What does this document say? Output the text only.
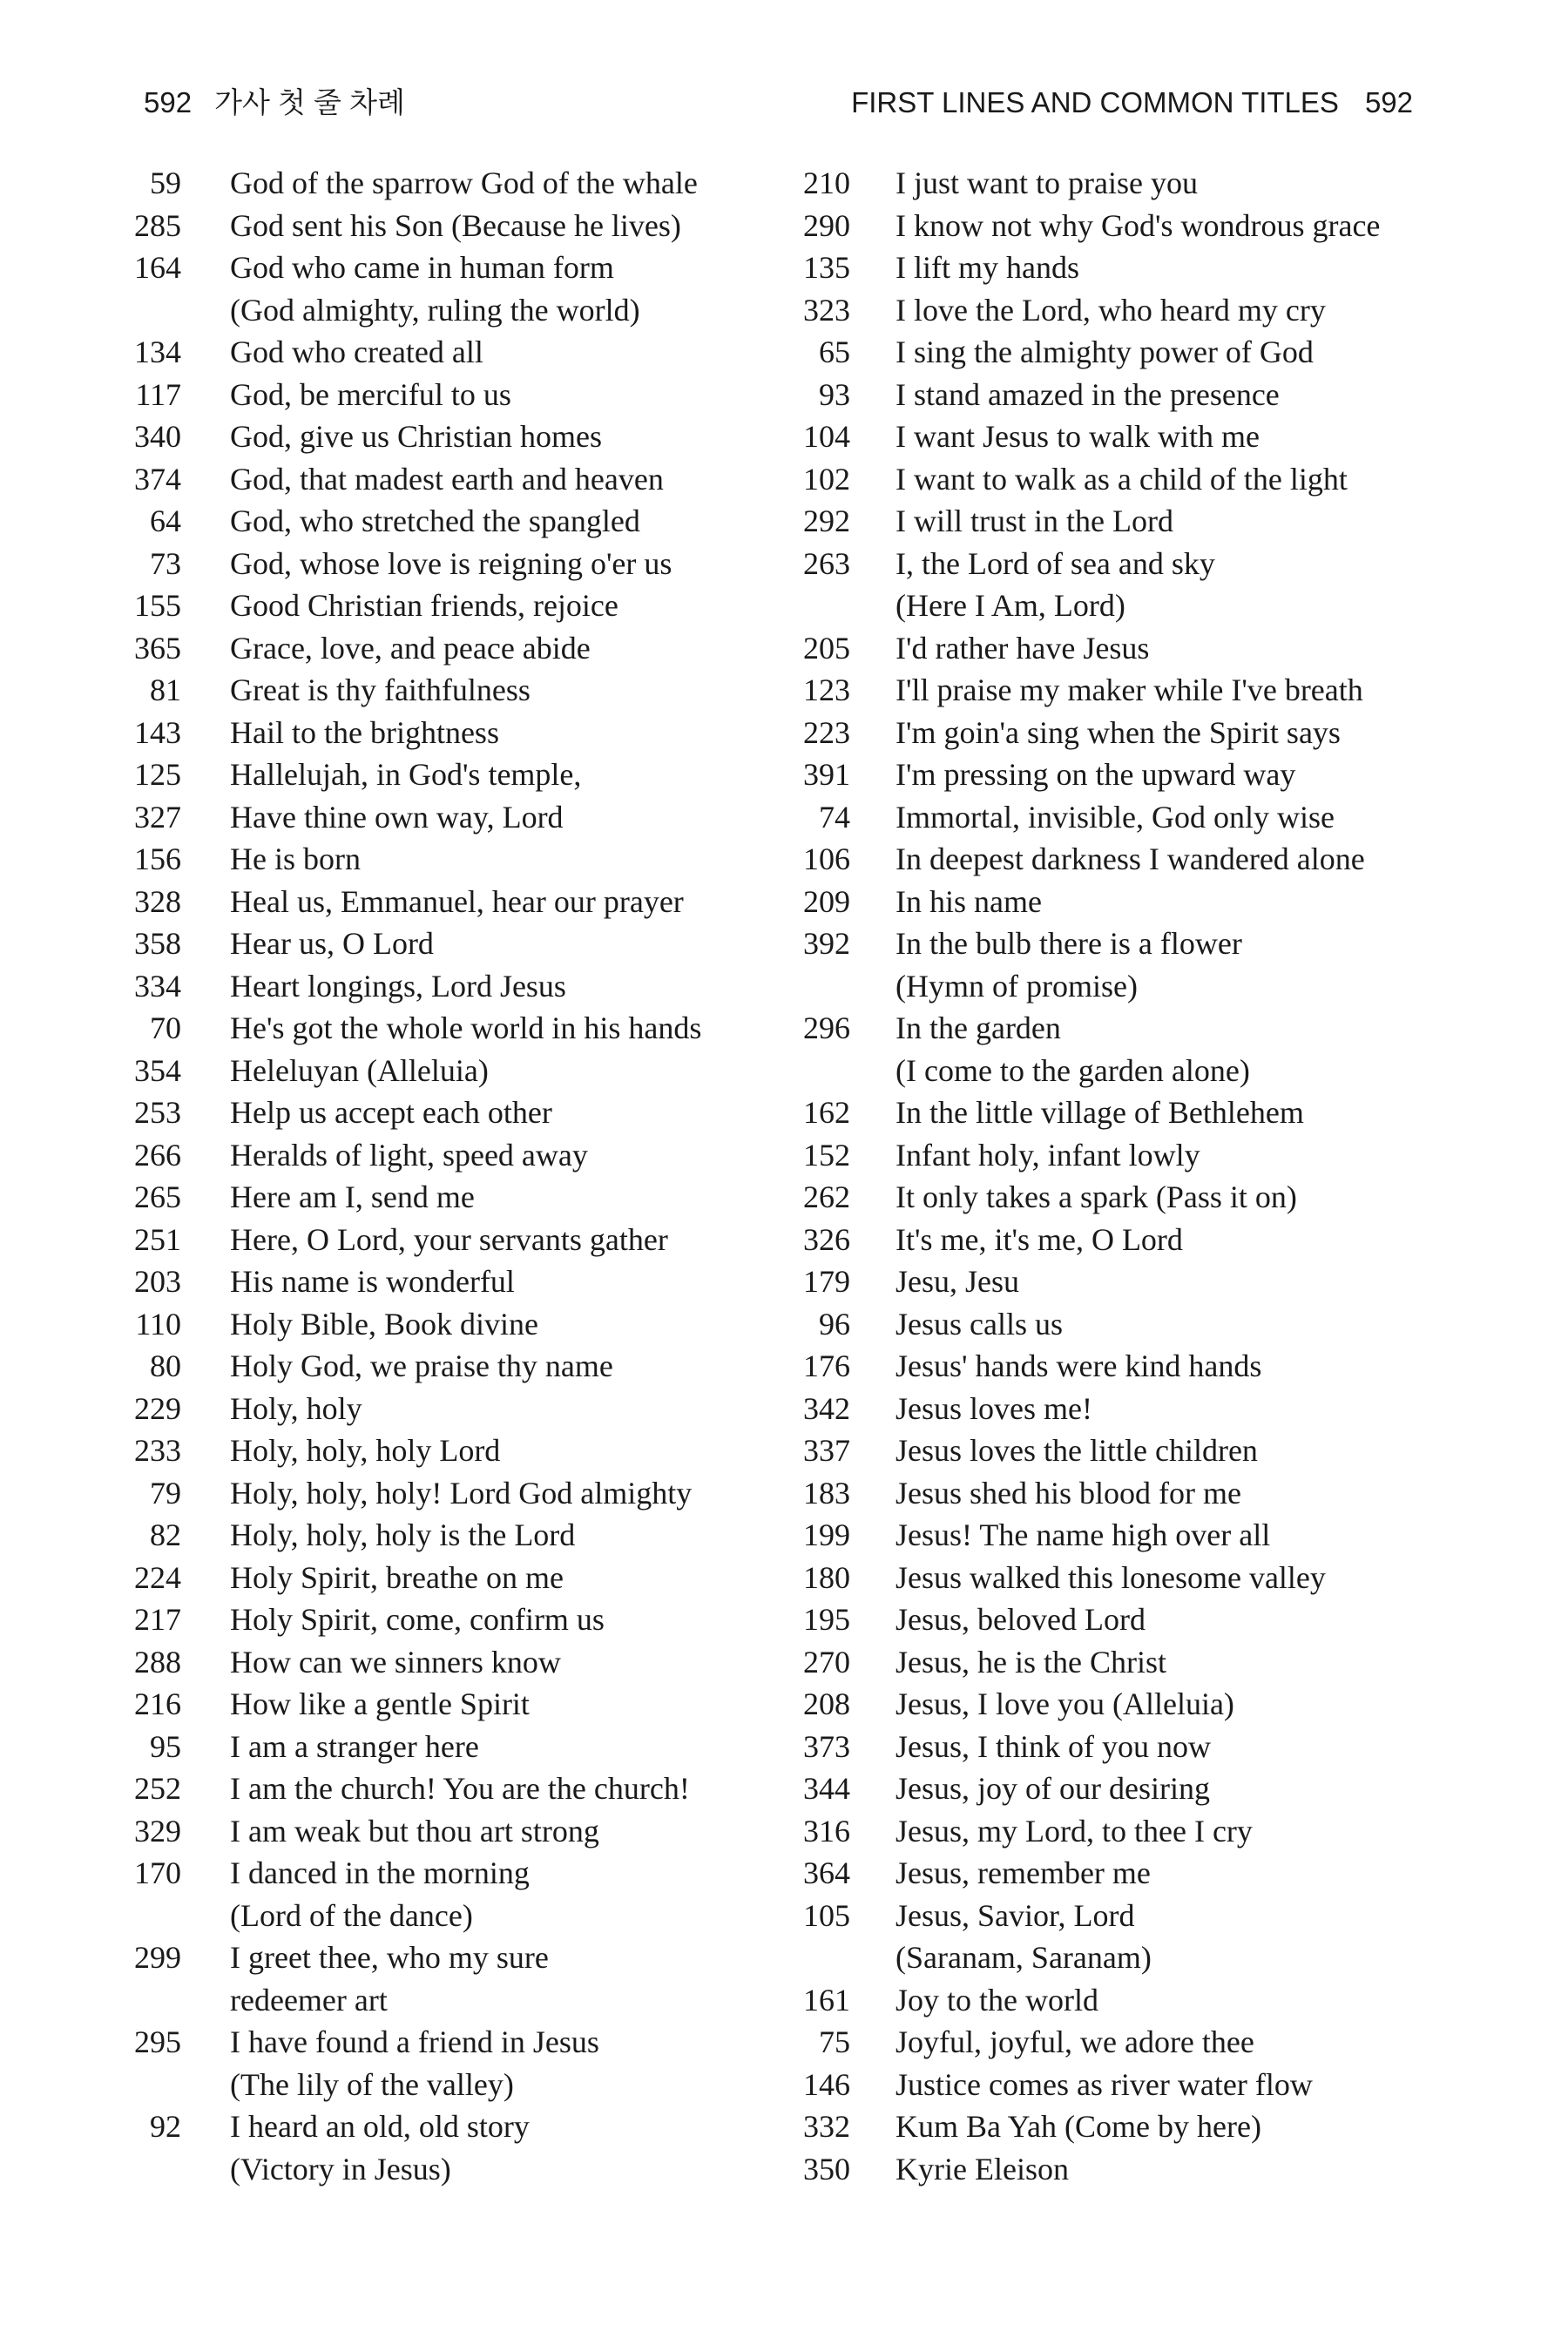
592 가사 첫 줄 차례	FIRST LINES AND COMMON TITLES 592
59 God of the sparrow God of the whale
285 God sent his Son (Because he lives)
164 God who came in human form
(God almighty, ruling the world)
134 God who created all
117 God, be merciful to us
340 God, give us Christian homes
374 God, that madest earth and heaven
64 God, who stretched the spangled
73 God, whose love is reigning o'er us
155 Good Christian friends, rejoice
365 Grace, love, and peace abide
81 Great is thy faithfulness
143 Hail to the brightness
125 Hallelujah, in God's temple,
327 Have thine own way, Lord
156 He is born
328 Heal us, Emmanuel, hear our prayer
358 Hear us, O Lord
334 Heart longings, Lord Jesus
70 He's got the whole world in his hands
354 Heleluyan (Alleluia)
253 Help us accept each other
266 Heralds of light, speed away
265 Here am I, send me
251 Here, O Lord, your servants gather
203 His name is wonderful
110 Holy Bible, Book divine
80 Holy God, we praise thy name
229 Holy, holy
233 Holy, holy, holy Lord
79 Holy, holy, holy! Lord God almighty
82 Holy, holy, holy is the Lord
224 Holy Spirit, breathe on me
217 Holy Spirit, come, confirm us
288 How can we sinners know
216 How like a gentle Spirit
95 I am a stranger here
252 I am the church! You are the church!
329 I am weak but thou art strong
170 I danced in the morning
(Lord of the dance)
299 I greet thee, who my sure
redeemer art
295 I have found a friend in Jesus
(The lily of the valley)
92 I heard an old, old story
(Victory in Jesus)
210 I just want to praise you
290 I know not why God's wondrous grace
135 I lift my hands
323 I love the Lord, who heard my cry
65 I sing the almighty power of God
93 I stand amazed in the presence
104 I want Jesus to walk with me
102 I want to walk as a child of the light
292 I will trust in the Lord
263 I, the Lord of sea and sky
(Here I Am, Lord)
205 I'd rather have Jesus
123 I'll praise my maker while I've breath
223 I'm goin'a sing when the Spirit says
391 I'm pressing on the upward way
74 Immortal, invisible, God only wise
106 In deepest darkness I wandered alone
209 In his name
392 In the bulb there is a flower
(Hymn of promise)
296 In the garden
(I come to the garden alone)
162 In the little village of Bethlehem
152 Infant holy, infant lowly
262 It only takes a spark (Pass it on)
326 It's me, it's me, O Lord
179 Jesu, Jesu
96 Jesus calls us
176 Jesus' hands were kind hands
342 Jesus loves me!
337 Jesus loves the little children
183 Jesus shed his blood for me
199 Jesus! The name high over all
180 Jesus walked this lonesome valley
195 Jesus, beloved Lord
270 Jesus, he is the Christ
208 Jesus, I love you (Alleluia)
373 Jesus, I think of you now
344 Jesus, joy of our desiring
316 Jesus, my Lord, to thee I cry
364 Jesus, remember me
105 Jesus, Savior, Lord
(Saranam, Saranam)
161 Joy to the world
75 Joyful, joyful, we adore thee
146 Justice comes as river water flow
332 Kum Ba Yah (Come by here)
350 Kyrie Eleison
